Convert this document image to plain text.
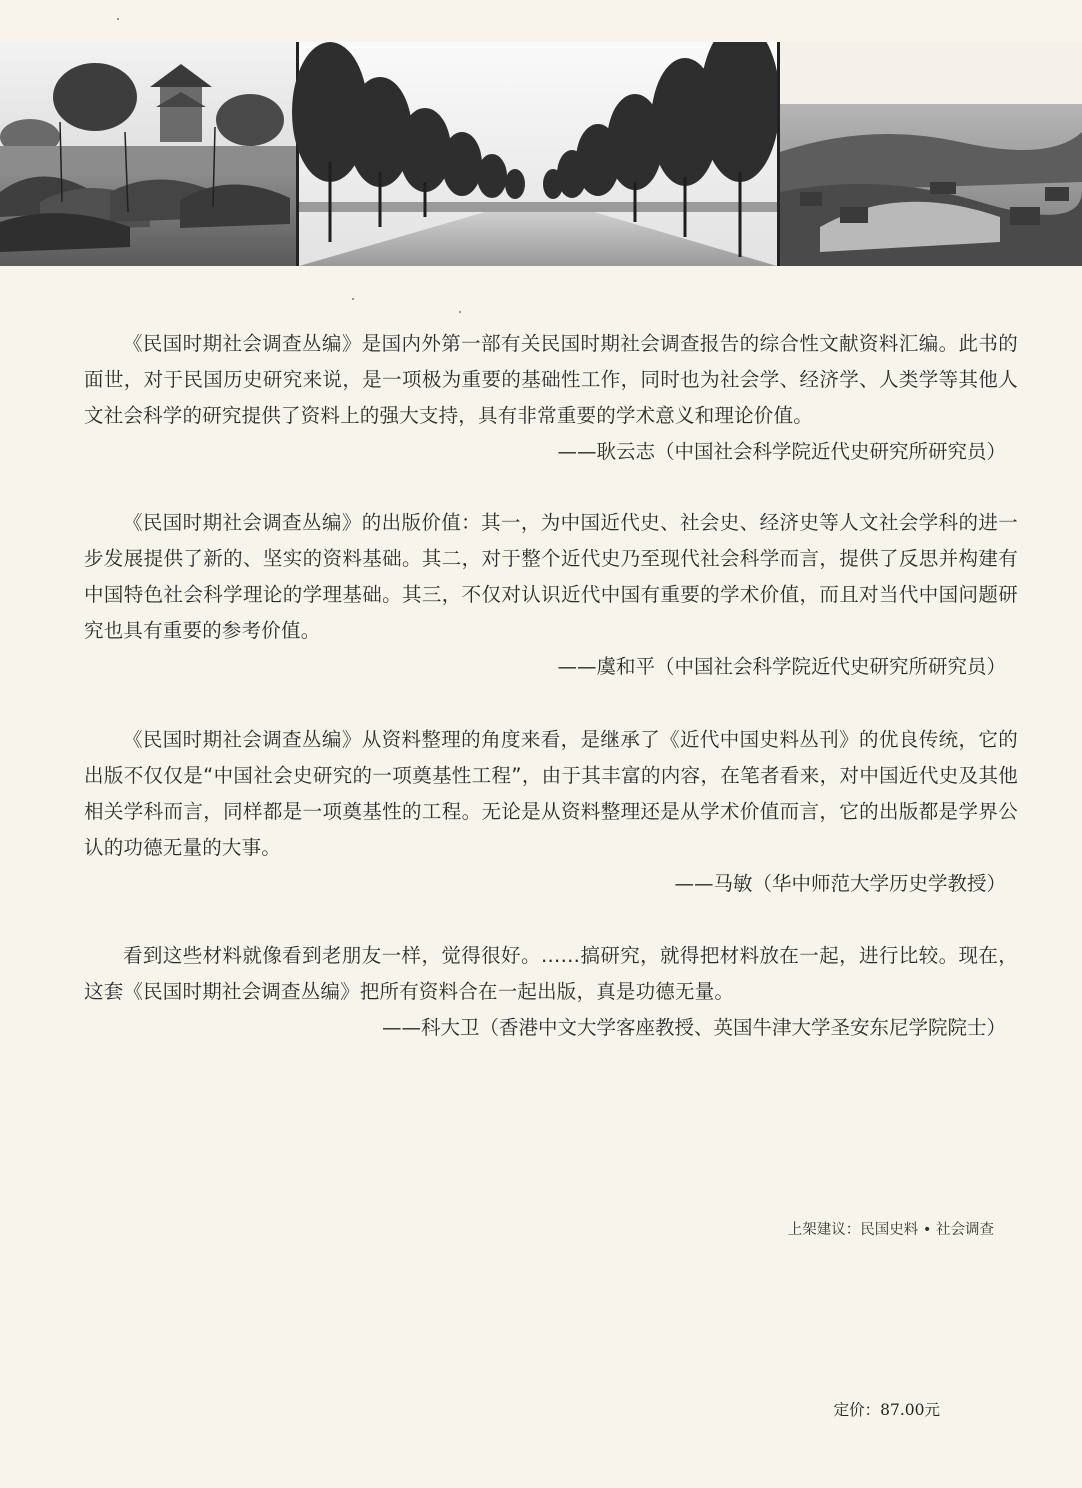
《民国时期社会调查丛编》是国内外第一部有关民国时期社会调查报告的综合性文献资料汇编。此书的面世，对于民国历史研究来说，是一项极为重要的基础性工作，同时也为社会学、经济学、人类学等其他人文社会科学的研究提供了资料上的强大支持，具有非常重要的学术意义和理论价值。

——耿云志（中国社会科学院近代史研究所研究员）

《民国时期社会调查丛编》的出版价值：其一，为中国近代史、社会史、经济史等人文社会学科的进一步发展提供了新的、坚实的资料基础。其二，对于整个近代史乃至现代社会科学而言，提供了反思并构建有中国特色社会科学理论的学理基础。其三，不仅对认识近代中国有重要的学术价值，而且对当代中国问题研究也具有重要的参考价值。

——虞和平（中国社会科学院近代史研究所研究员）

《民国时期社会调查丛编》从资料整理的角度来看，是继承了《近代中国史料丛刊》的优良传统，它的出版不仅仅是“中国社会史研究的一项奠基性工程”，由于其丰富的内容，在笔者看来，对中国近代史及其他相关学科而言，同样都是一项奠基性的工程。无论是从资料整理还是从学术价值而言，它的出版都是学界公认的功德无量的大事。

——马敏（华中师范大学历史学教授）

看到这些材料就像看到老朋友一样，觉得很好。……搞研究，就得把材料放在一起，进行比较。现在，这套《民国时期社会调查丛编》把所有资料合在一起出版，真是功德无量。

——科大卫（香港中文大学客座教授、英国牛津大学圣安东尼学院院士）

上架建议：民国史料 • 社会调查
定价：87.00元
